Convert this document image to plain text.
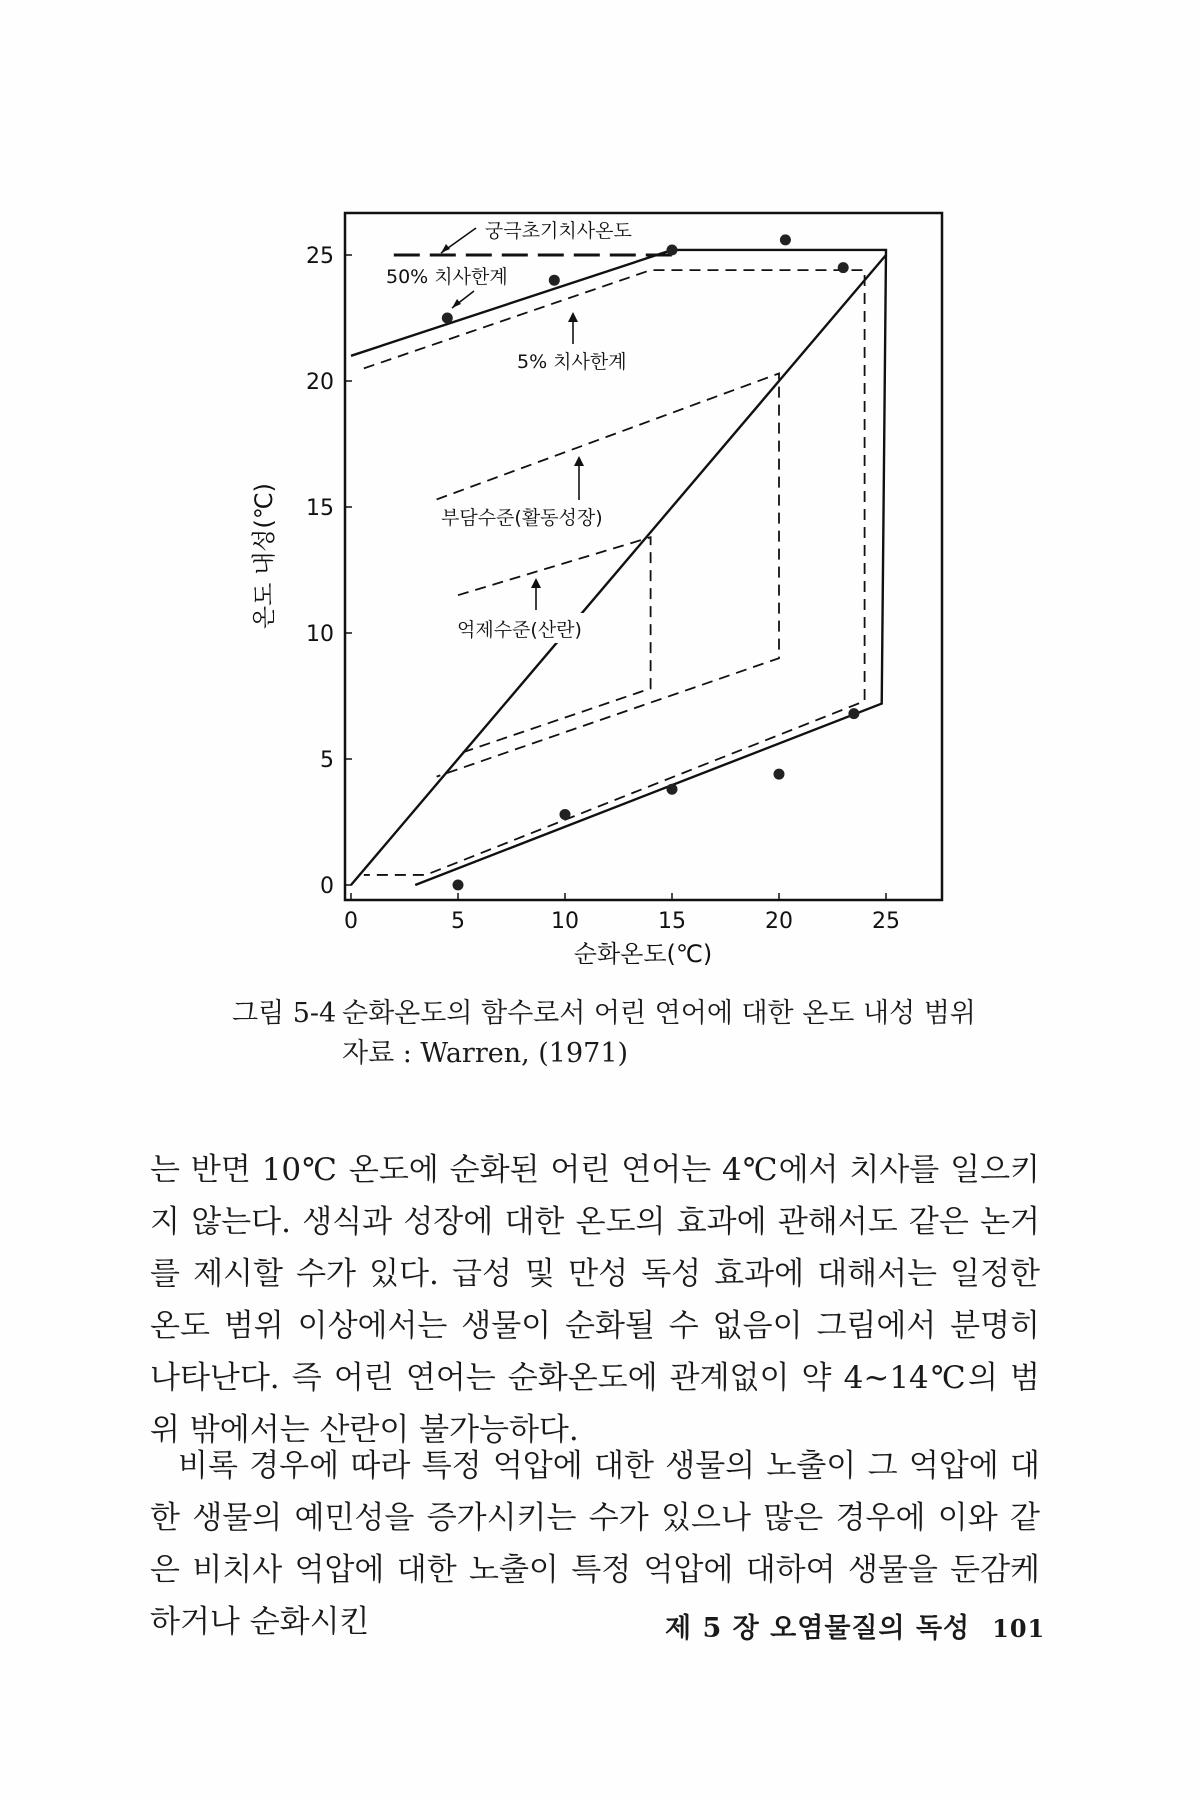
0	5	10	15	20	25
0
5
10
15
20
25
궁극초기치사온도
50% 치사한계
5% 치사한계
부담수준(활동성장)
억제수준(산란)
순화온도(℃)
온도 내성(℃)
그림 5-4 순화온도의 함수로서 어린 연어에 대한 온도 내성 범위
자료 : Warren, (1971)
는 반면 10℃ 온도에 순화된 어린 연어는 4℃에서 치사를 일으키지 않는다. 생식과 성장에 대한 온도의 효과에 관해서도 같은 논거를 제시할 수가 있다. 급성 및 만성 독성 효과에 대해서는 일정한 온도 범위 이상에서는 생물이 순화될 수 없음이 그림에서 분명히 나타난다. 즉 어린 연어는 순화온도에 관계없이 약 4~14℃의 범위 밖에서는 산란이 불가능하다.
비록 경우에 따라 특정 억압에 대한 생물의 노출이 그 억압에 대한 생물의 예민성을 증가시키는 수가 있으나 많은 경우에 이와 같은 비치사 억압에 대한 노출이 특정 억압에 대하여 생물을 둔감케 하거나 순화시킨	제 5 장 오염물질의 독성 101
